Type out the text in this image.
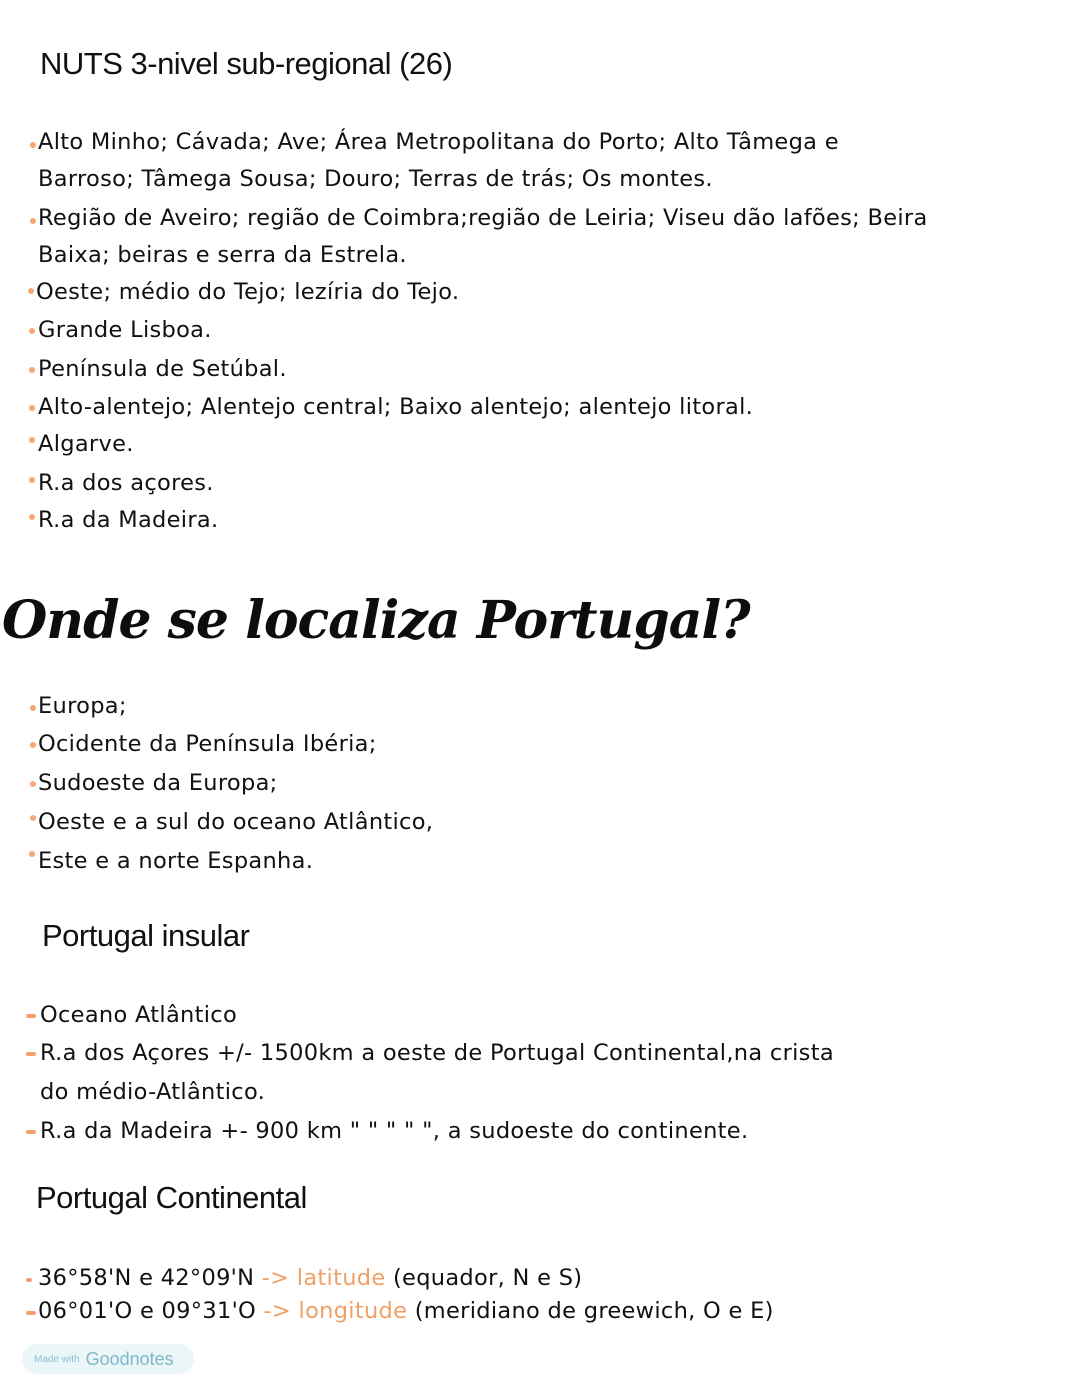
NUTS 3-nivel sub-regional (26)
Alto Minho; Cávada; Ave; Área Metropolitana do Porto; Alto Tâmega e
Barroso; Tâmega Sousa; Douro; Terras de trás; Os montes.
Região de Aveiro; região de Coimbra;região de Leiria; Viseu dão lafões; Beira
Baixa; beiras e serra da Estrela.
Oeste; médio do Tejo; lezíria do Tejo.
Grande Lisboa.
Península de Setúbal.
Alto-alentejo; Alentejo central; Baixo alentejo; alentejo litoral.
Algarve.
R.a dos açores.
R.a da Madeira.
Onde se localiza Portugal?
Europa;
Ocidente da Península Ibéria;
Sudoeste da Europa;
Oeste e a sul do oceano Atlântico,
Este e a norte Espanha.
Portugal insular
Oceano Atlântico
R.a dos Açores +/- 1500km a oeste de Portugal Continental,na crista
do médio-Atlântico.
R.a da Madeira +- 900 km " " " " ", a sudoeste do continente.
Portugal Continental
36°58'N e 42°09'N -> latitude (equador, N e S)
06°01'O e 09°31'O -> longitude (meridiano de greewich, O e E)
Made with Goodnotes
